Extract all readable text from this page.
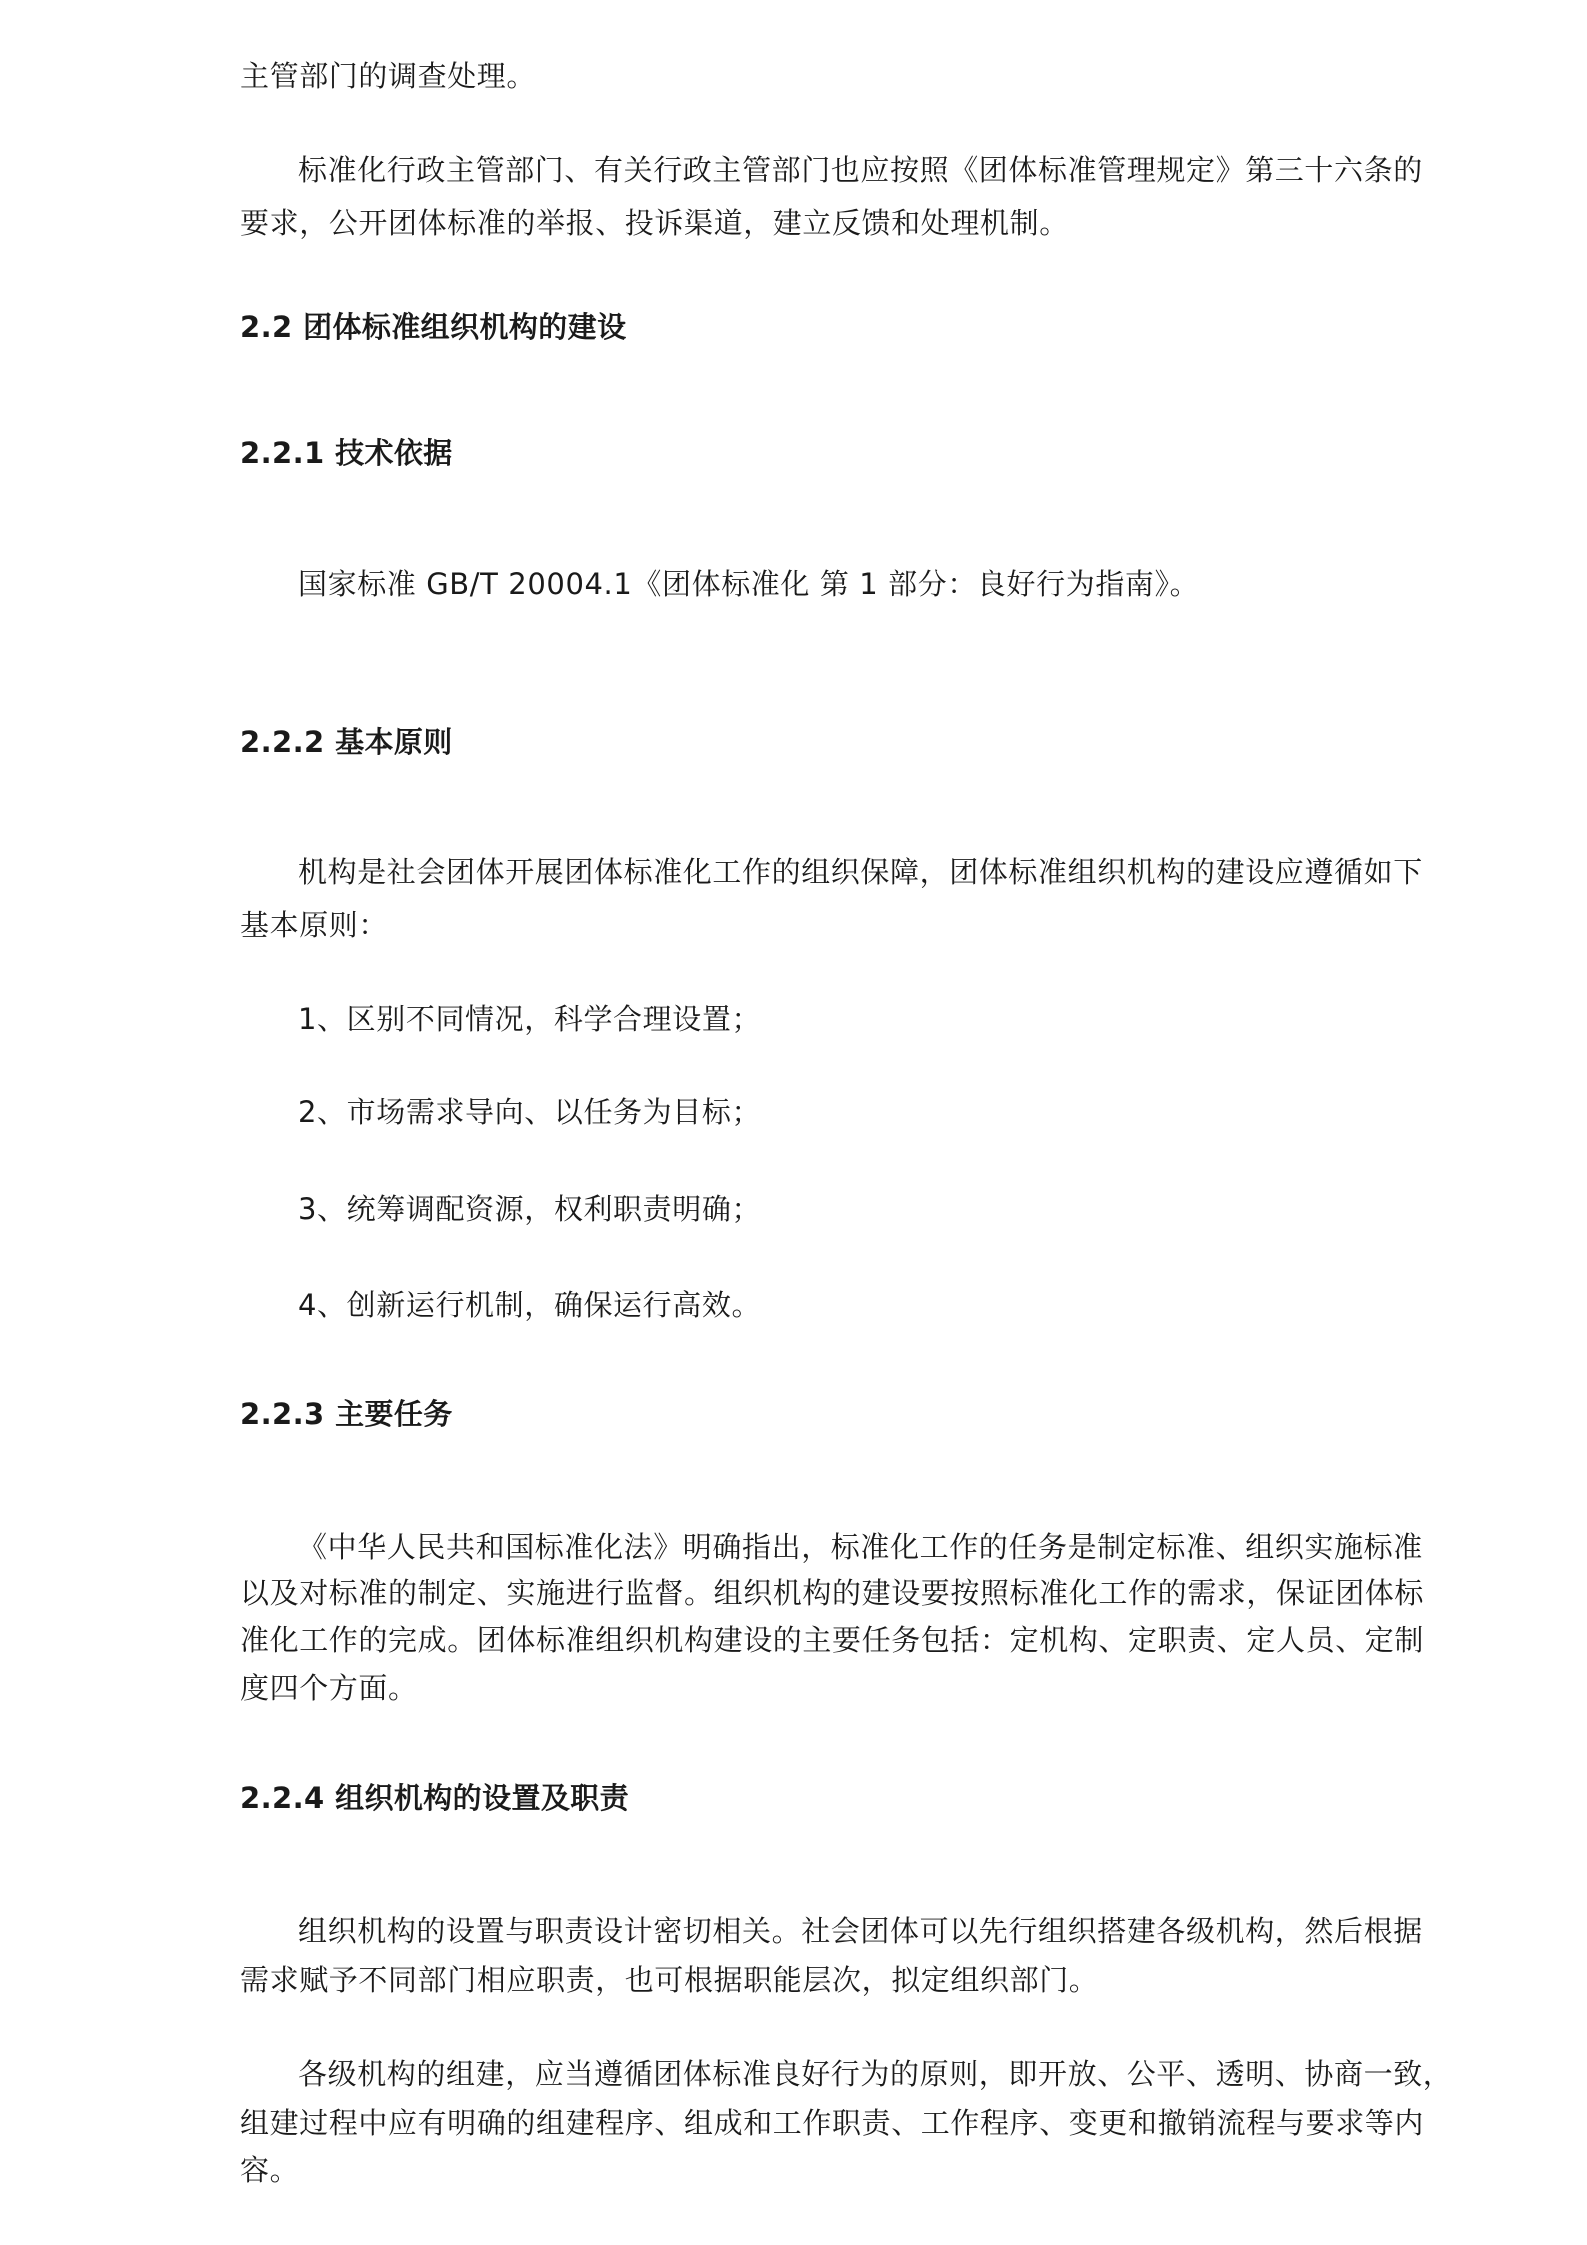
主管部门的调查处理。
标准化行政主管部门、有关行政主管部门也应按照《团体标准管理规定》第三十六条的
要求，公开团体标准的举报、投诉渠道，建立反馈和处理机制。
2.2 团体标准组织机构的建设
2.2.1 技术依据
国家标准 GB/T 20004.1《团体标准化 第 1 部分：良好行为指南》。
2.2.2 基本原则
机构是社会团体开展团体标准化工作的组织保障，团体标准组织机构的建设应遵循如下
基本原则：
1、区别不同情况，科学合理设置；
2、市场需求导向、以任务为目标；
3、统筹调配资源，权利职责明确；
4、创新运行机制，确保运行高效。
2.2.3 主要任务
《中华人民共和国标准化法》明确指出，标准化工作的任务是制定标准、组织实施标准
以及对标准的制定、实施进行监督。组织机构的建设要按照标准化工作的需求，保证团体标
准化工作的完成。团体标准组织机构建设的主要任务包括：定机构、定职责、定人员、定制
度四个方面。
2.2.4 组织机构的设置及职责
组织机构的设置与职责设计密切相关。社会团体可以先行组织搭建各级机构，然后根据
需求赋予不同部门相应职责，也可根据职能层次，拟定组织部门。
各级机构的组建，应当遵循团体标准良好行为的原则，即开放、公平、透明、协商一致，
组建过程中应有明确的组建程序、组成和工作职责、工作程序、变更和撤销流程与要求等内
容。
